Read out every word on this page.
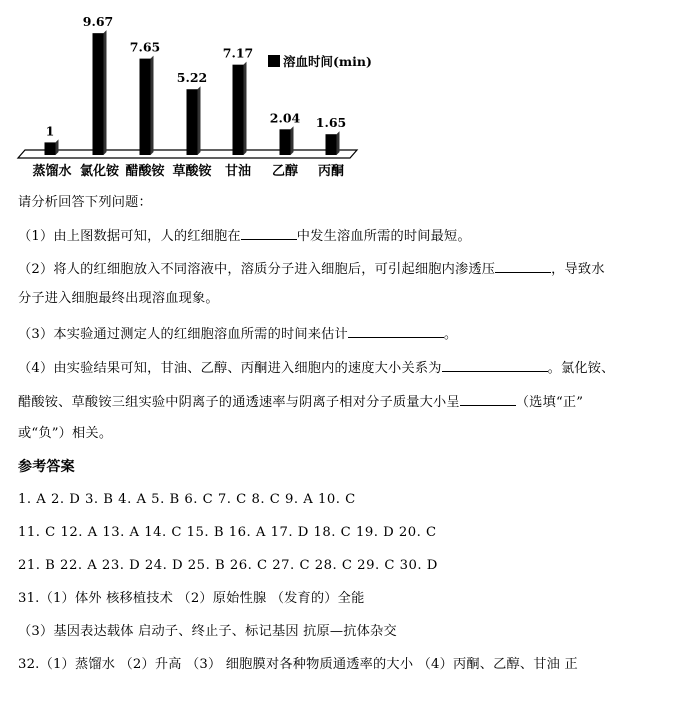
1
9.67
7.65
5.22
7.17
2.04 1.65
蒸馏水 氯化铵 醋酸铵 草酸铵 甘油 乙醇 丙酮
溶血时间(min)
请分析回答下列问题：
（1）由上图数据可知，人的红细胞在	中发生溶血所需的时间最短。
（2）将人的红细胞放入不同溶液中，溶质分子进入细胞后，可引起细胞内渗透压	，导致水
分子进入细胞最终出现溶血现象。
（3）本实验通过测定人的红细胞溶血所需的时间来估计	。
（4）由实验结果可知，甘油、乙醇、丙酮进入细胞内的速度大小关系为	。氯化铵、
醋酸铵、草酸铵三组实验中阴离子的通透速率与阴离子相对分子质量大小呈	（选填“正”
或“负”）相关。
参考答案
1. A 2. D 3. B 4. A 5. B 6. C 7. C 8. C 9. A 10. C
11. C 12. A 13. A 14. C 15. B 16. A 17. D 18. C 19. D 20. C
21. B 22. A 23. D 24. D 25. B 26. C 27. C 28. C 29. C 30. D
31.（1）体外 核移植技术 （2）原始性腺 （发育的）全能
（3）基因表达载体 启动子、终止子、标记基因 抗原—抗体杂交
32.（1）蒸馏水 （2）升高 （3） 细胞膜对各种物质通透率的大小 （4）丙酮、乙醇、甘油 正
